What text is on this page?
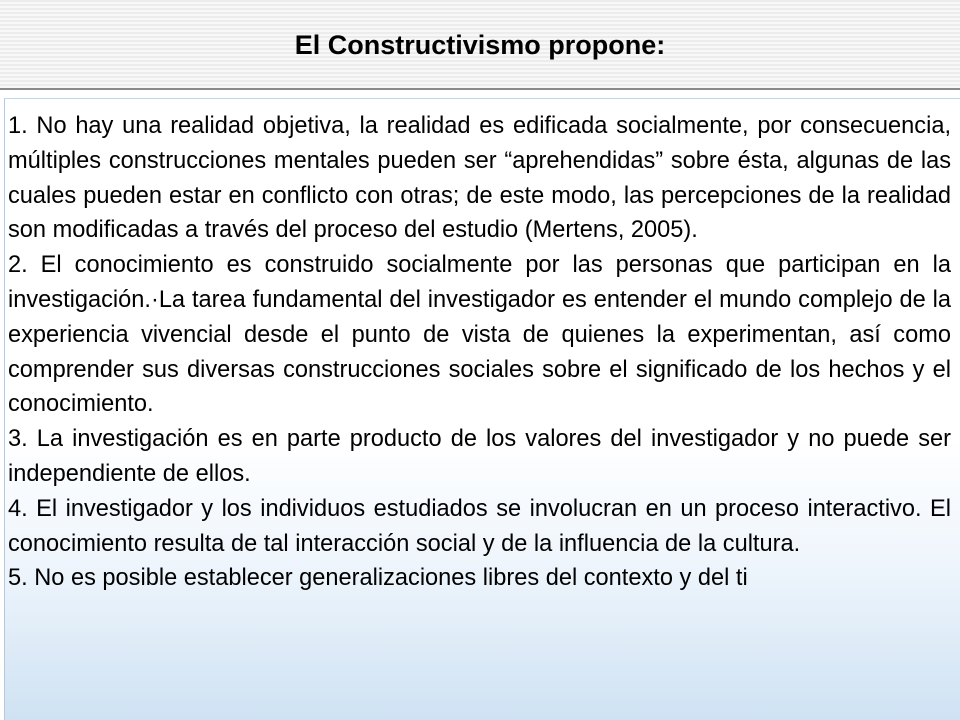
El Constructivismo propone:

1. No hay una realidad objetiva, la realidad es edificada socialmente, por consecuencia, múltiples construcciones mentales pueden ser “aprehendidas” sobre ésta, algunas de las cuales pueden estar en conflicto con otras; de este modo, las percepciones de la realidad son modificadas a través del proceso del estudio (Mertens, 2005).

2. El conocimiento es construido socialmente por las personas que participan en la investigación.·La tarea fundamental del investigador es entender el mundo complejo de la experiencia vivencial desde el punto de vista de quienes la experimentan, así como comprender sus diversas construcciones sociales sobre el significado de los hechos y el conocimiento.

3. La investigación es en parte producto de los valores del investigador y no puede ser independiente de ellos.

4. El investigador y los individuos estudiados se involucran en un proceso interactivo. El conocimiento resulta de tal interacción social y de la influencia de la cultura.

5. No es posible establecer generalizaciones libres del contexto y del ti
